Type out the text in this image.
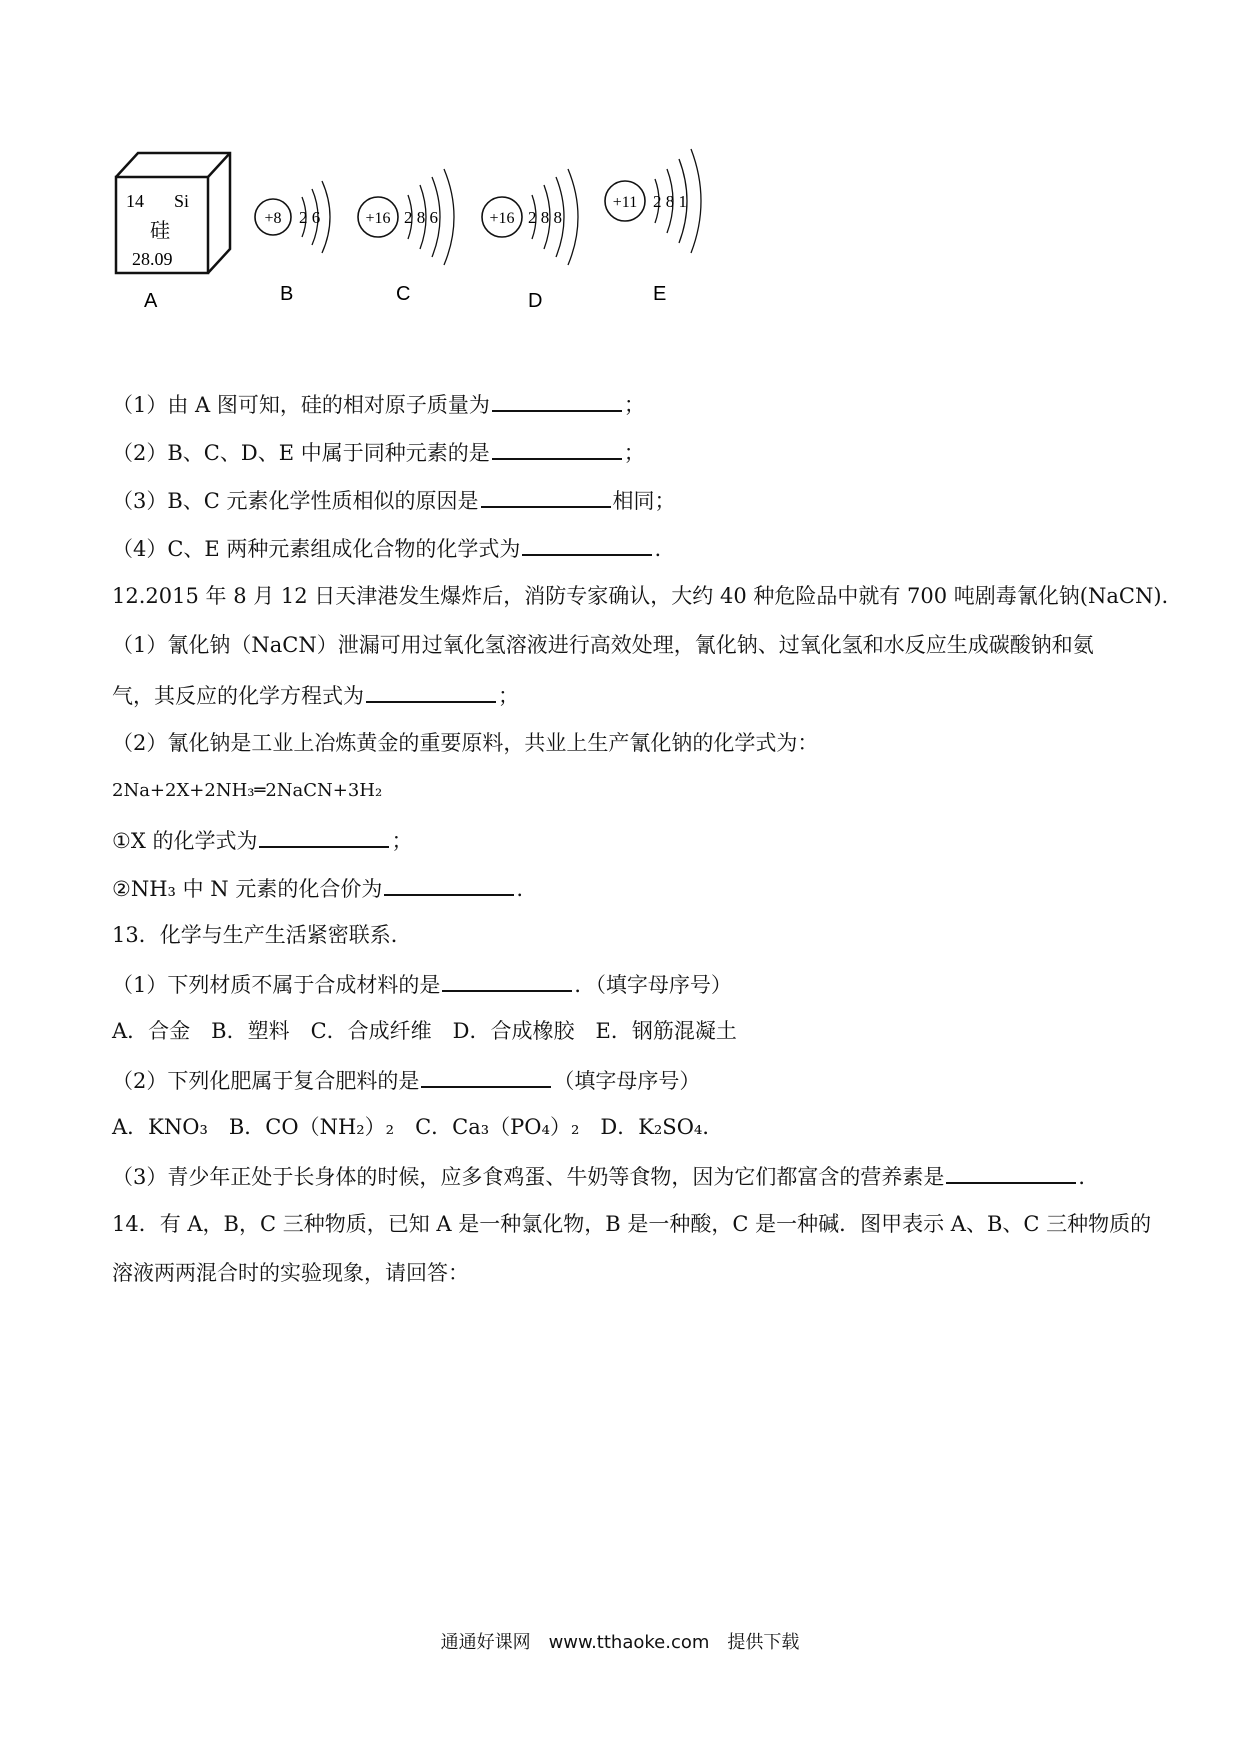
14 Si
硅
28.09
A
+8 2 6
B
+16 2 8 6
C
+16 2 8 8
D
+11 2 8 1
E
（1）由 A 图可知，硅的相对原子质量为	；
（2）B、C、D、E 中属于同种元素的是	；
（3）B、C 元素化学性质相似的原因是	相同；
（4）C、E 两种元素组成化合物的化学式为	.
12.2015 年 8 月 12 日天津港发生爆炸后，消防专家确认，大约 40 种危险品中就有 700 吨剧毒氰化钠(NaCN).
（1）氰化钠（NaCN）泄漏可用过氧化氢溶液进行高效处理，氰化钠、过氧化氢和水反应生成碳酸钠和氨
气，其反应的化学方程式为	；
（2）氰化钠是工业上冶炼黄金的重要原料，共业上生产氰化钠的化学式为：
2Na+2X+2NH₃═2NaCN+3H₂
①X 的化学式为	；
②NH₃ 中 N 元素的化合价为	.
13．化学与生产生活紧密联系．
（1）下列材质不属于合成材料的是	．（填字母序号）
A．合金　B．塑料　C．合成纤维　D．合成橡胶　E．钢筋混凝土
（2）下列化肥属于复合肥料的是	（填字母序号）
A．KNO₃　B．CO（NH₂）₂　C．Ca₃（PO₄）₂　D．K₂SO₄．
（3）青少年正处于长身体的时候，应多食鸡蛋、牛奶等食物，因为它们都富含的营养素是	．
14．有 A，B，C 三种物质，已知 A 是一种氯化物，B 是一种酸，C 是一种碱．图甲表示 A、B、C 三种物质的
溶液两两混合时的实验现象，请回答：
通通好课网　www.tthaoke.com　提供下载
